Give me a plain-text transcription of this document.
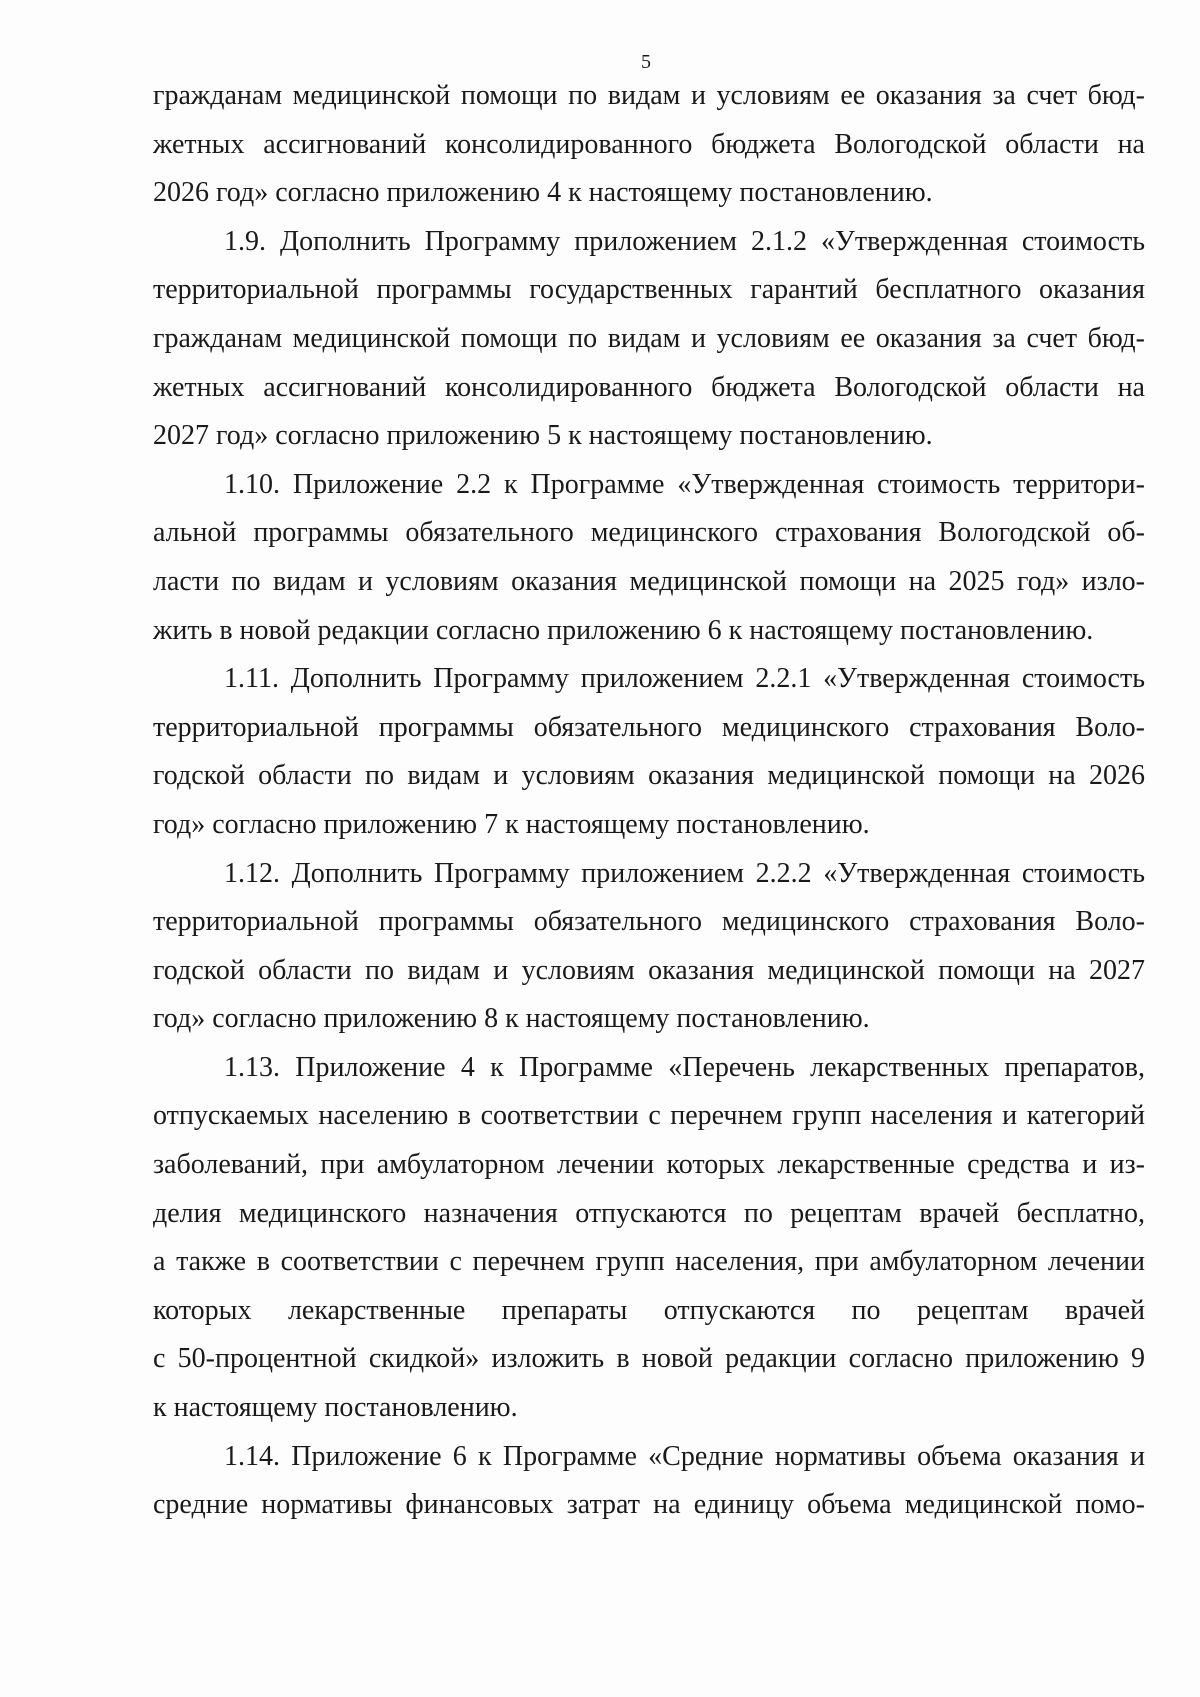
5
гражданам медицинской помощи по видам и условиям ее оказания за счет бюд-
жетных ассигнований консолидированного бюджета Вологодской области на
2026 год» согласно приложению 4 к настоящему постановлению.
1.9. Дополнить Программу приложением 2.1.2 «Утвержденная стоимость
территориальной программы государственных гарантий бесплатного оказания
гражданам медицинской помощи по видам и условиям ее оказания за счет бюд-
жетных ассигнований консолидированного бюджета Вологодской области на
2027 год» согласно приложению 5 к настоящему постановлению.
1.10. Приложение 2.2 к Программе «Утвержденная стоимость территори-
альной программы обязательного медицинского страхования Вологодской об-
ласти по видам и условиям оказания медицинской помощи на 2025 год» изло-
жить в новой редакции согласно приложению 6 к настоящему постановлению.
1.11. Дополнить Программу приложением 2.2.1 «Утвержденная стоимость
территориальной программы обязательного медицинского страхования Воло-
годской области по видам и условиям оказания медицинской помощи на 2026
год» согласно приложению 7 к настоящему постановлению.
1.12. Дополнить Программу приложением 2.2.2 «Утвержденная стоимость
территориальной программы обязательного медицинского страхования Воло-
годской области по видам и условиям оказания медицинской помощи на 2027
год» согласно приложению 8 к настоящему постановлению.
1.13. Приложение 4 к Программе «Перечень лекарственных препаратов,
отпускаемых населению в соответствии с перечнем групп населения и категорий
заболеваний, при амбулаторном лечении которых лекарственные средства и из-
делия медицинского назначения отпускаются по рецептам врачей бесплатно,
а также в соответствии с перечнем групп населения, при амбулаторном лечении
которых лекарственные препараты отпускаются по рецептам врачей
с 50-процентной скидкой» изложить в новой редакции согласно приложению 9
к настоящему постановлению.
1.14. Приложение 6 к Программе «Средние нормативы объема оказания и
средние нормативы финансовых затрат на единицу объема медицинской помо-
